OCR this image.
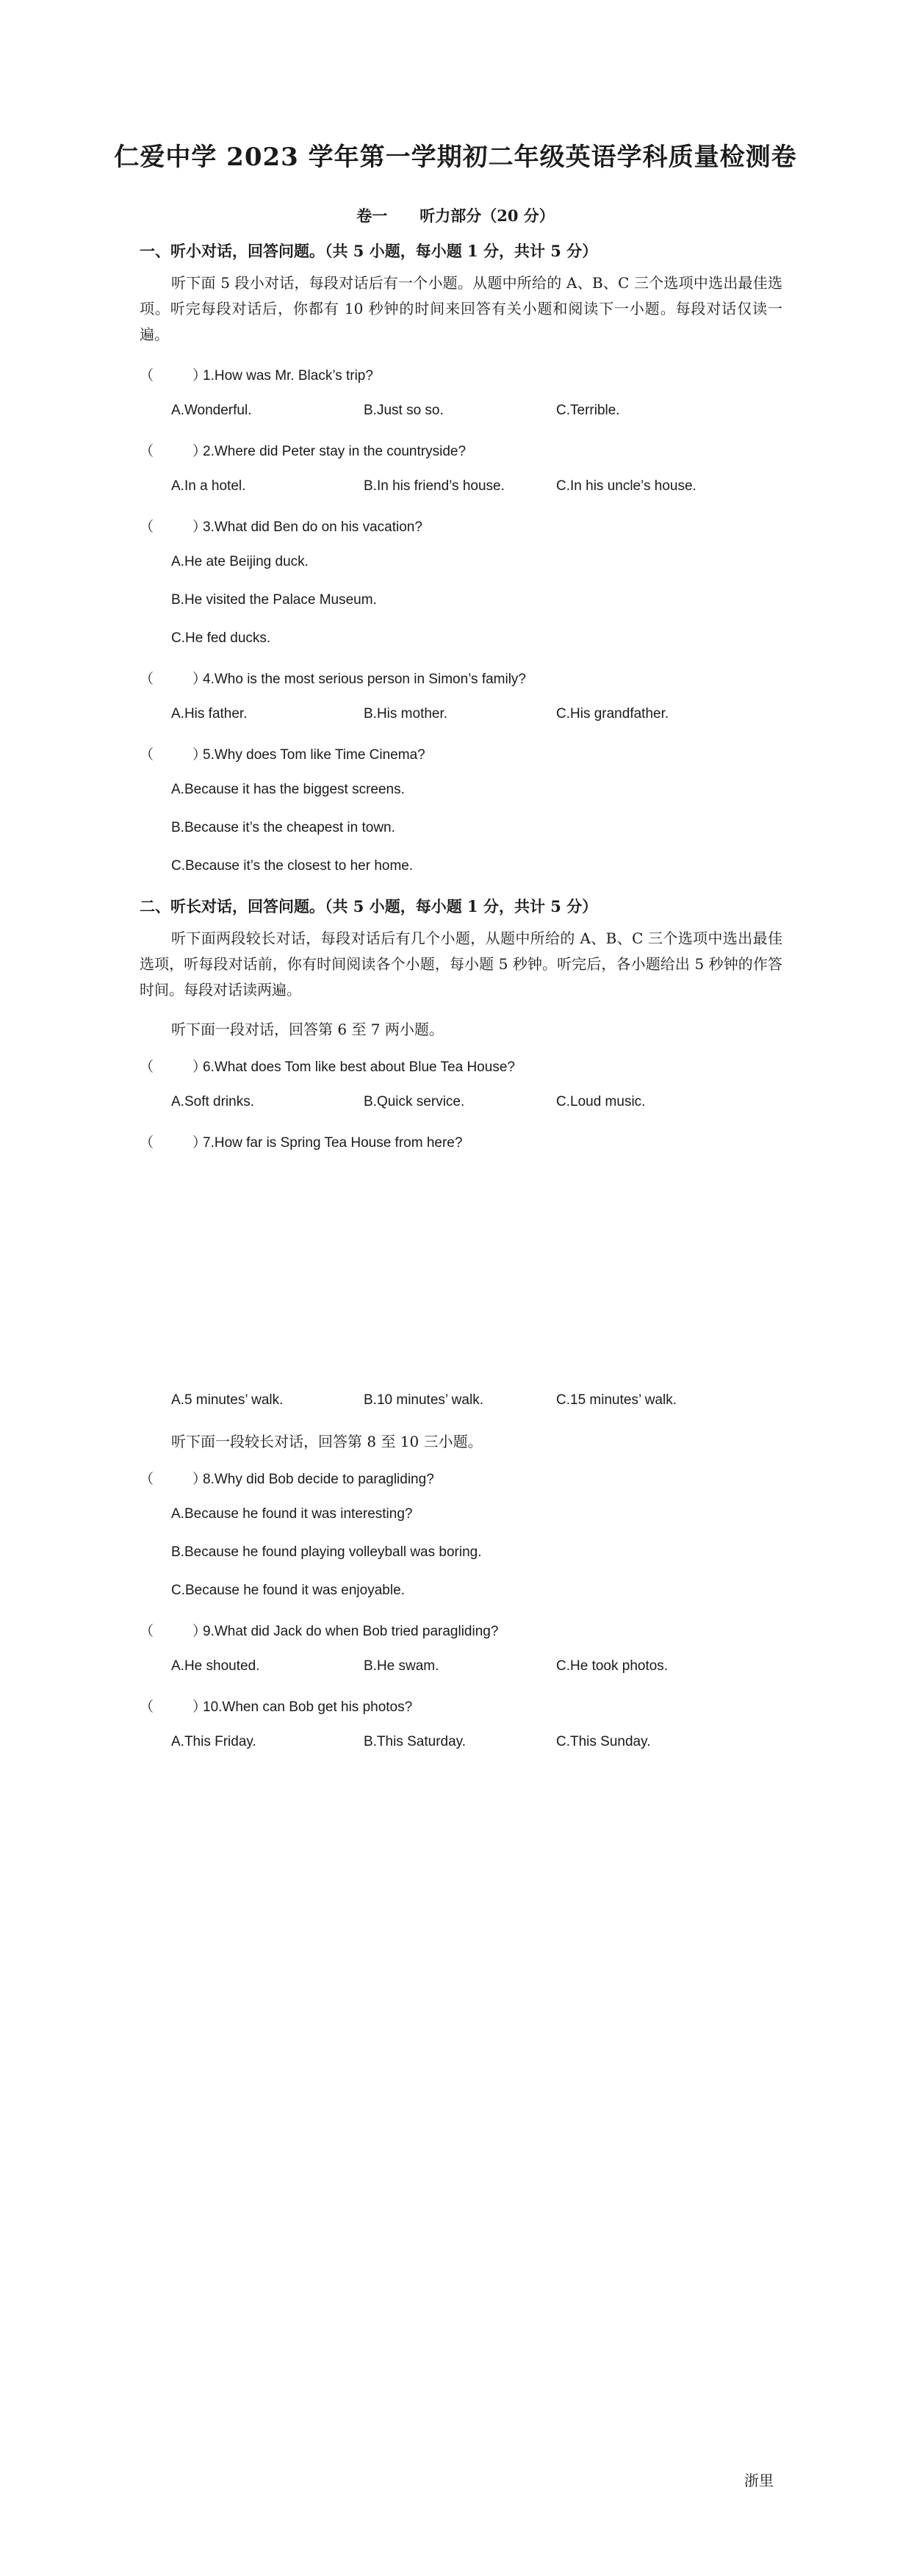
仁爱中学 2023 学年第一学期初二年级英语学科质量检测卷
卷一 听力部分（20 分）
一、听小对话，回答问题。（共 5 小题，每小题 1 分，共计 5 分）
听下面 5 段小对话，每段对话后有一个小题。从题中所给的 A、B、C 三个选项中选出最佳选项。听完每段对话后，你都有 10 秒钟的时间来回答有关小题和阅读下一小题。每段对话仅读一遍。
（	）1.How was Mr. Black’s trip?
A.Wonderful.	B.Just so so.	C.Terrible.
（	）2.Where did Peter stay in the countryside?
A.In a hotel.	B.In his friend’s house.	C.In his uncle’s house.
（	）3.What did Ben do on his vacation?
A.He ate Beijing duck.
B.He visited the Palace Museum.
C.He fed ducks.
（	）4.Who is the most serious person in Simon’s family?
A.His father.	B.His mother.	C.His grandfather.
（	）5.Why does Tom like Time Cinema?
A.Because it has the biggest screens.
B.Because it’s the cheapest in town.
C.Because it’s the closest to her home.
二、听长对话，回答问题。（共 5 小题，每小题 1 分，共计 5 分）
听下面两段较长对话，每段对话后有几个小题，从题中所给的 A、B、C 三个选项中选出最佳选项，听每段对话前，你有时间阅读各个小题，每小题 5 秒钟。听完后，各小题给出 5 秒钟的作答时间。每段对话读两遍。
听下面一段对话，回答第 6 至 7 两小题。
（	）6.What does Tom like best about Blue Tea House?
A.Soft drinks.	B.Quick service.	C.Loud music.
（	）7.How far is Spring Tea House from here?
A.5 minutes’ walk.	B.10 minutes’ walk.	C.15 minutes’ walk.
听下面一段较长对话，回答第 8 至 10 三小题。
（	）8.Why did Bob decide to paragliding?
A.Because he found it was interesting?
B.Because he found playing volleyball was boring.
C.Because he found it was enjoyable.
（	）9.What did Jack do when Bob tried paragliding?
A.He shouted.	B.He swam.	C.He took photos.
（	）10.When can Bob get his photos?
A.This Friday.	B.This Saturday.	C.This Sunday.
浙里
